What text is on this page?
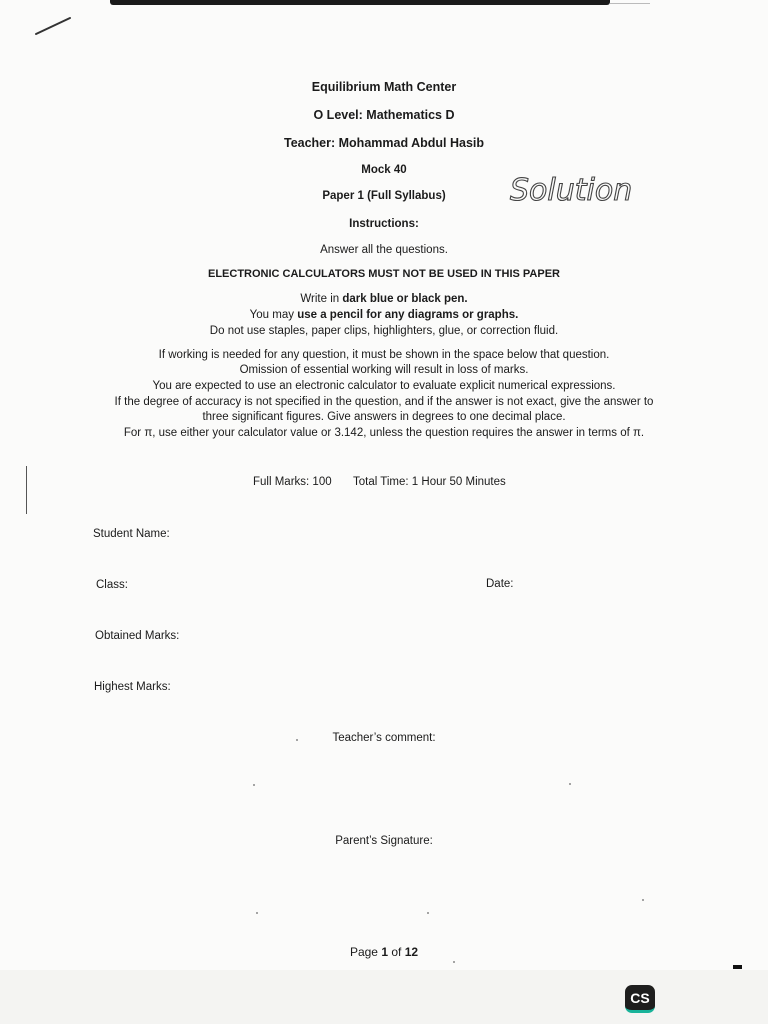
Equilibrium Math Center
O Level: Mathematics D
Teacher: Mohammad Abdul Hasib
Mock 40
Paper 1 (Full Syllabus)
Instructions:
Solution
Answer all the questions.
ELECTRONIC CALCULATORS MUST NOT BE USED IN THIS PAPER
Write in dark blue or black pen.
You may use a pencil for any diagrams or graphs.
Do not use staples, paper clips, highlighters, glue, or correction fluid.
If working is needed for any question, it must be shown in the space below that question.
Omission of essential working will result in loss of marks.
You are expected to use an electronic calculator to evaluate explicit numerical expressions.
If the degree of accuracy is not specified in the question, and if the answer is not exact, give the answer to
three significant figures. Give answers in degrees to one decimal place.
For π, use either your calculator value or 3.142, unless the question requires the answer in terms of π.
Full Marks: 100 Total Time: 1 Hour 50 Minutes
Student Name:
Class:	Date:
Obtained Marks:
Highest Marks:
Teacher’s comment:
Parent’s Signature:
Page 1 of 12
CS
